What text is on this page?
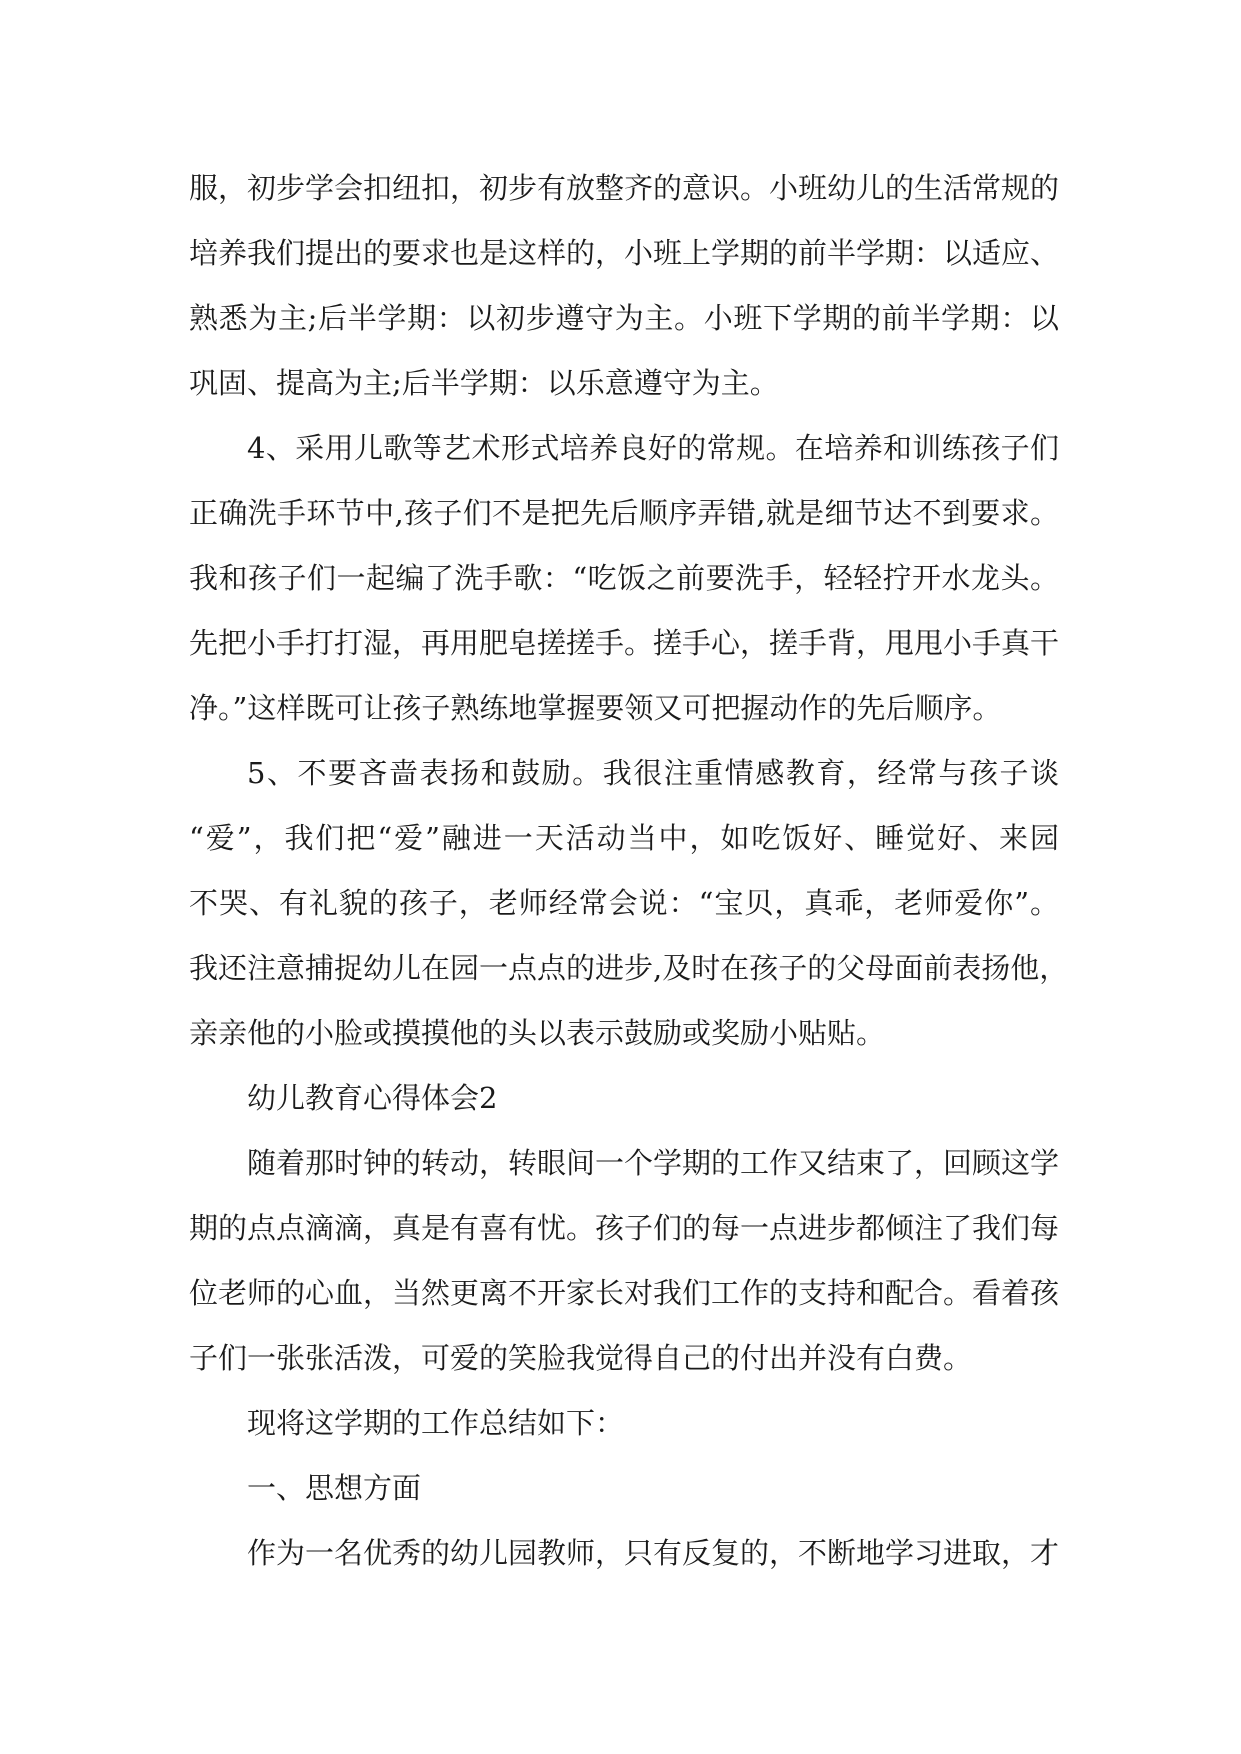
服，初步学会扣纽扣，初步有放整齐的意识。小班幼儿的生活常规的
培养我们提出的要求也是这样的，小班上学期的前半学期：以适应、
熟悉为主;后半学期：以初步遵守为主。小班下学期的前半学期：以
巩固、提高为主;后半学期：以乐意遵守为主。
4、采用儿歌等艺术形式培养良好的常规。在培养和训练孩子们
正确洗手环节中,孩子们不是把先后顺序弄错,就是细节达不到要求。
我和孩子们一起编了洗手歌：“吃饭之前要洗手，轻轻拧开水龙头。
先把小手打打湿，再用肥皂搓搓手。搓手心，搓手背，甩甩小手真干
净。”这样既可让孩子熟练地掌握要领又可把握动作的先后顺序。
5、不要吝啬表扬和鼓励。我很注重情感教育，经常与孩子谈
“爱”，我们把“爱”融进一天活动当中，如吃饭好、睡觉好、来园
不哭、有礼貌的孩子，老师经常会说：“宝贝，真乖，老师爱你”。
我还注意捕捉幼儿在园一点点的进步,及时在孩子的父母面前表扬他，
亲亲他的小脸或摸摸他的头以表示鼓励或奖励小贴贴。
幼儿教育心得体会2
随着那时钟的转动，转眼间一个学期的工作又结束了，回顾这学
期的点点滴滴，真是有喜有忧。孩子们的每一点进步都倾注了我们每
位老师的心血，当然更离不开家长对我们工作的支持和配合。看着孩
子们一张张活泼，可爱的笑脸我觉得自己的付出并没有白费。
现将这学期的工作总结如下：
一、思想方面
作为一名优秀的幼儿园教师，只有反复的，不断地学习进取，才
